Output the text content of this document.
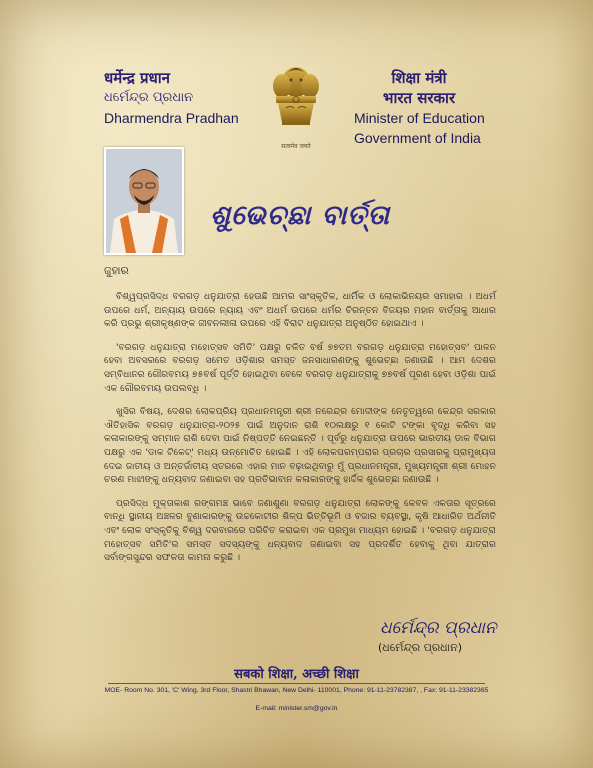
धर्मेन्द्र प्रधान
ଧର୍ମେନ୍ଦ୍ର ପ୍ରଧାନ
Dharmendra Pradhan
सत्यमेव जयते
शिक्षा मंत्री
भारत सरकार
Minister of Education
Government of India
ଶୁଭେଚ୍ଛା ବାର୍ତ୍ତା
ଜୁହାର

ବିଶ୍ୱପ୍ରସିଦ୍ଧ ବରଗଡ଼ ଧନୁଯାତ୍ରା ହେଉଛି ଆମର ସାଂସ୍କୃତିକ, ଧାର୍ମିକ ଓ ଲୋକାଭିନୟର ସମାହାର । ଅଧର୍ମ ଉପରେ ଧର୍ମ, ଅନ୍ୟାୟ ଉପରେ ନ୍ୟାୟ ଏବଂ ଅଧର୍ମ ଉପରେ ଧର୍ମର ଚିରନ୍ତନ ବିଜୟର ମହାନ ବାର୍ତ୍ତାକୁ ଆଧାର କରି ପ୍ରଭୁ ଶ୍ରୀକୃଷ୍ଣଙ୍କ ଜୀବନଲୀଳା ଉପରେ ଏହି ବିରାଟ ଧନୁଯାତ୍ରା ଅନୁଷ୍ଠିତ ହୋଇଥାଏ ।

'ବରଗଡ଼ ଧନୁଯାତ୍ରା ମହୋତ୍ସବ ସମିତି' ପକ୍ଷରୁ ଚଳିତ ବର୍ଷ ୭୭ତମ ବରଗଡ଼ ଧନୁଯାତ୍ରା ମହୋତ୍ସବ' ପାଳନ ହେବା ଅବସରରେ ବରଗଡ଼ ସମେତ ଓଡ଼ିଶାର ସମସ୍ତ ଜନସାଧାରଣଙ୍କୁ ଶୁଭେଚ୍ଛା ଜଣାଉଛି । ଆମ ଦେଶର ସମ୍ବିଧାନର ଗୌରବମୟ ୭୫ବର୍ଷ ପୂର୍ତ୍ତି ହୋଇଥିବା ବେଳେ ବରଗଡ଼ ଧନୁଯାତ୍ରାକୁ ୭୭ବର୍ଷ ପୂରଣ ହେବା ଓଡ଼ିଶା ପାଇଁ ଏକ ଗୌରବମୟ ଉପଲବ୍ଧି ।

ଖୁସିର ବିଷୟ, ଦେଶର ଲୋକପ୍ରିୟ ପ୍ରଧାନମନ୍ତ୍ରୀ ଶ୍ରୀ ନରେନ୍ଦ୍ର ମୋଦୀଙ୍କ ନେତୃତ୍ୱରେ କେନ୍ଦ୍ର ସରକାର ଐତିହାସିକ ବରଗଡ଼ ଧନୁଯାତ୍ରା-୨୦୨୫ ପାଇଁ ଅନୁଦାନ ରାଶି ୧୦ଲକ୍ଷରୁ ୧ କୋଟି ଟଙ୍କା ବୃଦ୍ଧି କରିବା ସହ କଳାକାରଙ୍କୁ ସମ୍ମାନ ରାଶି ଦେବା ପାଇଁ ନିଷ୍ପତ୍ତି ନେଇଛନ୍ତି । ପୂର୍ବରୁ ଧନୁଯାତ୍ରା ଉପରେ ଭାରତୀୟ ଡାକ ବିଭାଗ ପକ୍ଷରୁ ଏକ 'ଡାକ ଟିକେଟ୍' ମଧ୍ୟ ଉନ୍ମୋଚିତ ହୋଇଛି । ଏହି ଲୋକପରମ୍ପରାର ପ୍ରଚାର ପ୍ରସାରକୁ ପ୍ରାମୁଖ୍ୟତା ଦେଇ ଜାତୀୟ ଓ ଅନ୍ତର୍ଜାତୀୟ ସ୍ତରରେ ଏହାର ମାନ ବଢ଼ାଇଥିବାରୁ ମୁଁ ପ୍ରଧାନମନ୍ତ୍ରୀ, ମୁଖ୍ୟମନ୍ତ୍ରୀ ଶ୍ରୀ ମୋହନ ଚରଣ ମାଝୀଙ୍କୁ ଧନ୍ୟବାଦ ଜଣାଇବା ସହ ପ୍ରତିଭାବାନ କଳାକାରଙ୍କୁ ହାର୍ଦ୍ଦିକ ଶୁଭେଚ୍ଛା ଜଣାଉଛି ।

ପ୍ରସିଦ୍ଧ ମୁକ୍ତାକାଶ ରଙ୍ଗମଞ୍ଚ ଭାବେ ଜଣାଶୁଣା ବରଗଡ଼ ଧନୁଯାତ୍ରା ଲୋକଙ୍କୁ କେବଳ ଏକତାର ସୂତ୍ରରେ ବାନ୍ଧି ସ୍ଥାନୀୟ ଅଞ୍ଚଳର ବୁଣାକାରଙ୍କୁ ଉଚ୍ଚକୋଟୀର ଶିଳ୍ପ ଭିତ୍ତିଭୂମି ଓ ବଜାର ବ୍ୟବସ୍ଥା, କୃଷି ଆଧାରିତ ଅର୍ଥନୀତି ଏବଂ ଲୋକ ସଂସ୍କୃତିକୁ ବିଶ୍ୱ ଦରବାରରେ ପରିଚିତ କରାଇବା ଏକ ପ୍ରମୁଖ ମାଧ୍ୟମ ହୋଇଛି । 'ବରଗଡ଼ ଧନୁଯାତ୍ରା ମହୋତ୍ସବ ସମିତି'ର ସମସ୍ତ ସଦସ୍ୟଙ୍କୁ ଧନ୍ୟବାଦ ଜଣାଇବା ସହ ପ୍ରଦର୍ଶିତ ହେବାକୁ ଥିବା ଯାତ୍ରାର ସର୍ବାଙ୍ଗସୁନ୍ଦର ସଫଳତା କାମନା କରୁଛି ।

ଧର୍ମେନ୍ଦ୍ର ପ୍ରଧାନ
(ଧର୍ମେନ୍ଦ୍ର ପ୍ରଧାନ)
सबको शिक्षा, अच्छी शिक्षा
MOE- Room No. 301, 'C' Wing, 3rd Floor, Shastri Bhawan, New Delhi- 110001, Phone: 91-11-23782387, , Fax: 91-11-23382365
E-mail: minister.sm@gov.in
